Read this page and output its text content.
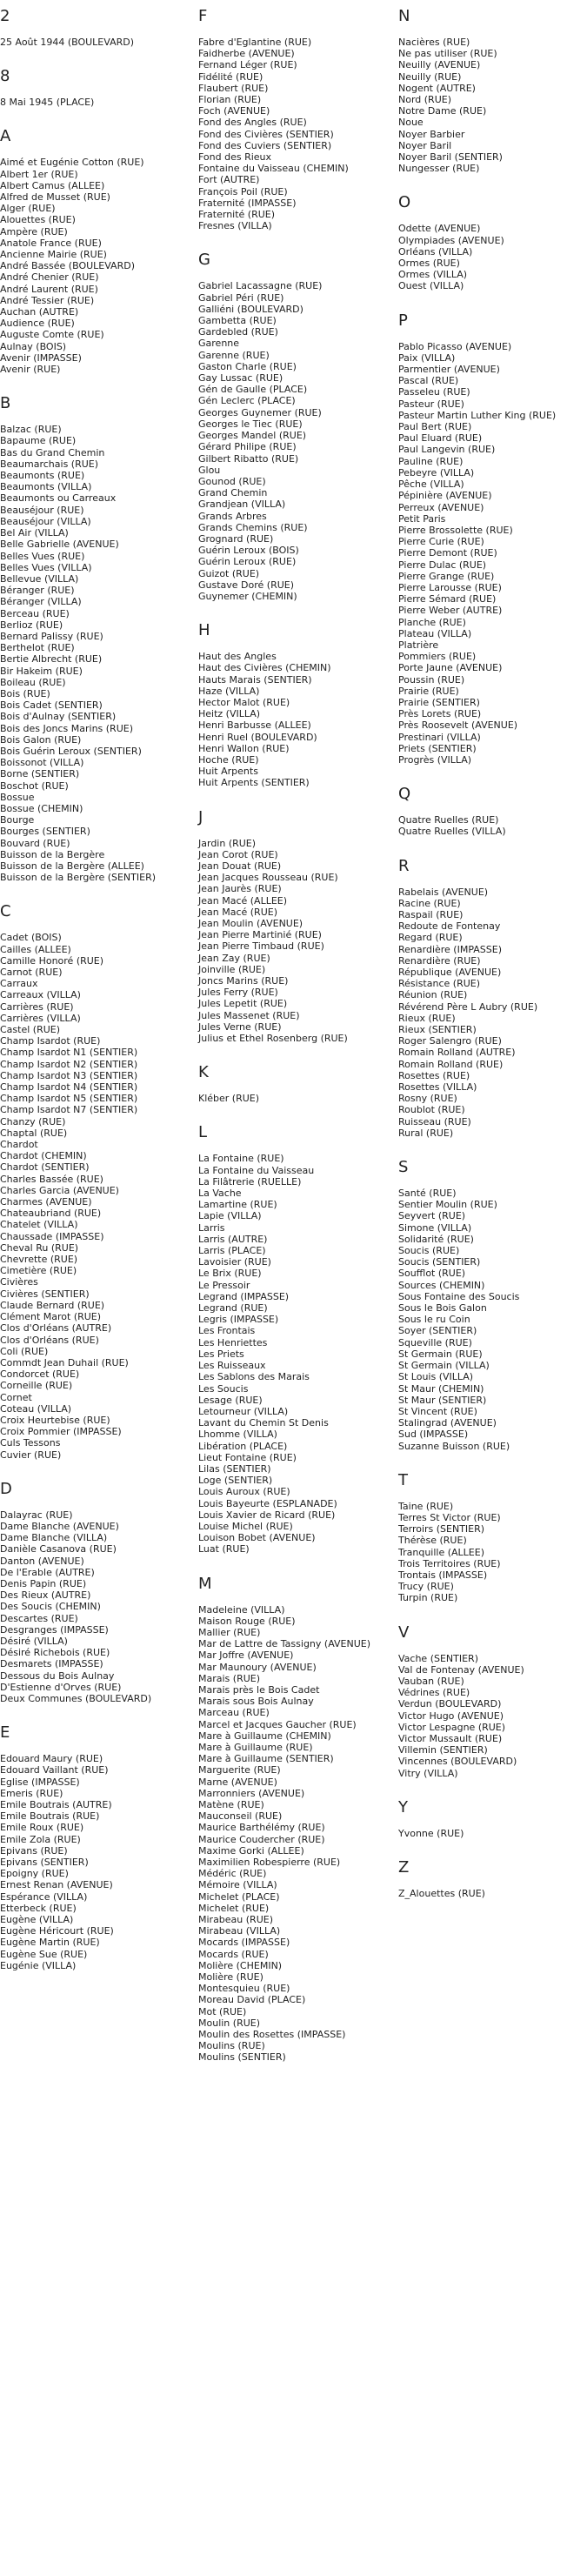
2
25 Août 1944 (BOULEVARD)
8
8 Mai 1945 (PLACE)
A
Aimé et Eugénie Cotton (RUE)
Albert 1er (RUE)
Albert Camus (ALLEE)
Alfred de Musset (RUE)
Alger (RUE)
Alouettes (RUE)
Ampère (RUE)
Anatole France (RUE)
Ancienne Mairie (RUE)
André Bassée (BOULEVARD)
André Chenier (RUE)
André Laurent (RUE)
André Tessier (RUE)
Auchan (AUTRE)
Audience (RUE)
Auguste Comte (RUE)
Aulnay (BOIS)
Avenir (IMPASSE)
Avenir (RUE)
B
Balzac (RUE)
Bapaume (RUE)
Bas du Grand Chemin
Beaumarchais (RUE)
Beaumonts (RUE)
Beaumonts (VILLA)
Beaumonts ou Carreaux
Beauséjour (RUE)
Beauséjour (VILLA)
Bel Air (VILLA)
Belle Gabrielle (AVENUE)
Belles Vues (RUE)
Belles Vues (VILLA)
Bellevue (VILLA)
Béranger (RUE)
Béranger (VILLA)
Berceau (RUE)
Berlioz (RUE)
Bernard Palissy (RUE)
Berthelot (RUE)
Bertie Albrecht (RUE)
Bir Hakeim (RUE)
Boileau (RUE)
Bois (RUE)
Bois Cadet (SENTIER)
Bois d'Aulnay (SENTIER)
Bois des Joncs Marins (RUE)
Bois Galon (RUE)
Bois Guérin Leroux (SENTIER)
Boissonot (VILLA)
Borne (SENTIER)
Boschot (RUE)
Bossue
Bossue (CHEMIN)
Bourge
Bourges (SENTIER)
Bouvard (RUE)
Buisson de la Bergère
Buisson de la Bergère (ALLEE)
Buisson de la Bergère (SENTIER)
C
Cadet (BOIS)
Cailles (ALLEE)
Camille Honoré (RUE)
Carnot (RUE)
Carraux
Carreaux (VILLA)
Carrières (RUE)
Carrières (VILLA)
Castel (RUE)
Champ Isardot (RUE)
Champ Isardot N1 (SENTIER)
Champ Isardot N2 (SENTIER)
Champ Isardot N3 (SENTIER)
Champ Isardot N4 (SENTIER)
Champ Isardot N5 (SENTIER)
Champ Isardot N7 (SENTIER)
Chanzy (RUE)
Chaptal (RUE)
Chardot
Chardot (CHEMIN)
Chardot (SENTIER)
Charles Bassée (RUE)
Charles Garcia (AVENUE)
Charmes (AVENUE)
Chateaubriand (RUE)
Chatelet (VILLA)
Chaussade (IMPASSE)
Cheval Ru (RUE)
Chevrette (RUE)
Cimetière (RUE)
Civières
Civières (SENTIER)
Claude Bernard (RUE)
Clément Marot (RUE)
Clos d'Orléans (AUTRE)
Clos d'Orléans (RUE)
Coli (RUE)
Commdt Jean Duhail (RUE)
Condorcet (RUE)
Corneille (RUE)
Cornet
Coteau (VILLA)
Croix Heurtebise (RUE)
Croix Pommier (IMPASSE)
Culs Tessons
Cuvier (RUE)
D
Dalayrac (RUE)
Dame Blanche (AVENUE)
Dame Blanche (VILLA)
Danièle Casanova (RUE)
Danton (AVENUE)
De l'Erable (AUTRE)
Denis Papin (RUE)
Des Rieux (AUTRE)
Des Soucis (CHEMIN)
Descartes (RUE)
Desgranges (IMPASSE)
Désiré (VILLA)
Désiré Richebois (RUE)
Desmarets (IMPASSE)
Dessous du Bois Aulnay
D'Estienne d'Orves (RUE)
Deux Communes (BOULEVARD)
E
Edouard Maury (RUE)
Edouard Vaillant (RUE)
Eglise (IMPASSE)
Emeris (RUE)
Emile Boutrais (AUTRE)
Emile Boutrais (RUE)
Emile Roux (RUE)
Emile Zola (RUE)
Epivans (RUE)
Epivans (SENTIER)
Epoigny (RUE)
Ernest Renan (AVENUE)
Espérance (VILLA)
Etterbeck (RUE)
Eugène (VILLA)
Eugène Héricourt (RUE)
Eugène Martin (RUE)
Eugène Sue (RUE)
Eugénie (VILLA)
F
Fabre d'Eglantine (RUE)
Faidherbe (AVENUE)
Fernand Léger (RUE)
Fidélité (RUE)
Flaubert (RUE)
Florian (RUE)
Foch (AVENUE)
Fond des Angles (RUE)
Fond des Civières (SENTIER)
Fond des Cuviers (SENTIER)
Fond des Rieux
Fontaine du Vaisseau (CHEMIN)
Fort (AUTRE)
François Poil (RUE)
Fraternité (IMPASSE)
Fraternité (RUE)
Fresnes (VILLA)
G
Gabriel Lacassagne (RUE)
Gabriel Péri (RUE)
Galliéni (BOULEVARD)
Gambetta (RUE)
Gardebled (RUE)
Garenne
Garenne (RUE)
Gaston Charle (RUE)
Gay Lussac (RUE)
Gén de Gaulle (PLACE)
Gén Leclerc (PLACE)
Georges Guynemer (RUE)
Georges le Tiec (RUE)
Georges Mandel (RUE)
Gérard Philipe (RUE)
Gilbert Ribatto (RUE)
Glou
Gounod (RUE)
Grand Chemin
Grandjean (VILLA)
Grands Arbres
Grands Chemins (RUE)
Grognard (RUE)
Guérin Leroux (BOIS)
Guérin Leroux (RUE)
Guizot (RUE)
Gustave Doré (RUE)
Guynemer (CHEMIN)
H
Haut des Angles
Haut des Civières (CHEMIN)
Hauts Marais (SENTIER)
Haze (VILLA)
Hector Malot (RUE)
Heitz (VILLA)
Henri Barbusse (ALLEE)
Henri Ruel (BOULEVARD)
Henri Wallon (RUE)
Hoche (RUE)
Huit Arpents
Huit Arpents (SENTIER)
J
Jardin (RUE)
Jean Corot (RUE)
Jean Douat (RUE)
Jean Jacques Rousseau (RUE)
Jean Jaurès (RUE)
Jean Macé (ALLEE)
Jean Macé (RUE)
Jean Moulin (AVENUE)
Jean Pierre Martinié (RUE)
Jean Pierre Timbaud (RUE)
Jean Zay (RUE)
Joinville (RUE)
Joncs Marins (RUE)
Jules Ferry (RUE)
Jules Lepetit (RUE)
Jules Massenet (RUE)
Jules Verne (RUE)
Julius et Ethel Rosenberg (RUE)
K
Kléber (RUE)
L
La Fontaine (RUE)
La Fontaine du Vaisseau
La Filâtrerie (RUELLE)
La Vache
Lamartine (RUE)
Lapie (VILLA)
Larris
Larris (AUTRE)
Larris (PLACE)
Lavoisier (RUE)
Le Brix (RUE)
Le Pressoir
Legrand (IMPASSE)
Legrand (RUE)
Legris (IMPASSE)
Les Frontais
Les Henriettes
Les Priets
Les Ruisseaux
Les Sablons des Marais
Les Soucis
Lesage (RUE)
Letourneur (VILLA)
Lavant du Chemin St Denis
Lhomme (VILLA)
Libération (PLACE)
Lieut Fontaine (RUE)
Lilas (SENTIER)
Loge (SENTIER)
Louis Auroux (RUE)
Louis Bayeurte (ESPLANADE)
Louis Xavier de Ricard (RUE)
Louise Michel (RUE)
Louison Bobet (AVENUE)
Luat (RUE)
M
Madeleine (VILLA)
Maison Rouge (RUE)
Mallier (RUE)
Mar de Lattre de Tassigny (AVENUE)
Mar Joffre (AVENUE)
Mar Maunoury (AVENUE)
Marais (RUE)
Marais près le Bois Cadet
Marais sous Bois Aulnay
Marceau (RUE)
Marcel et Jacques Gaucher (RUE)
Mare à Guillaume (CHEMIN)
Mare à Guillaume (RUE)
Mare à Guillaume (SENTIER)
Marguerite (RUE)
Marne (AVENUE)
Marronniers (AVENUE)
Matène (RUE)
Mauconseil (RUE)
Maurice Barthélémy (RUE)
Maurice Coudercher (RUE)
Maxime Gorki (ALLEE)
Maximilien Robespierre (RUE)
Médéric (RUE)
Mémoire (VILLA)
Michelet (PLACE)
Michelet (RUE)
Mirabeau (RUE)
Mirabeau (VILLA)
Mocards (IMPASSE)
Mocards (RUE)
Molière (CHEMIN)
Molière (RUE)
Montesquieu (RUE)
Moreau David (PLACE)
Mot (RUE)
Moulin (RUE)
Moulin des Rosettes (IMPASSE)
Moulins (RUE)
Moulins (SENTIER)
N
Nacières (RUE)
Ne pas utiliser (RUE)
Neuilly (AVENUE)
Neuilly (RUE)
Nogent (AUTRE)
Nord (RUE)
Notre Dame (RUE)
Noue
Noyer Barbier
Noyer Baril
Noyer Baril (SENTIER)
Nungesser (RUE)
O
Odette (AVENUE)
Olympiades (AVENUE)
Orléans (VILLA)
Ormes (RUE)
Ormes (VILLA)
Ouest (VILLA)
P
Pablo Picasso (AVENUE)
Paix (VILLA)
Parmentier (AVENUE)
Pascal (RUE)
Passeleu (RUE)
Pasteur (RUE)
Pasteur Martin Luther King (RUE)
Paul Bert (RUE)
Paul Eluard (RUE)
Paul Langevin (RUE)
Pauline (RUE)
Pebeyre (VILLA)
Pêche (VILLA)
Pépinière (AVENUE)
Perreux (AVENUE)
Petit Paris
Pierre Brossolette (RUE)
Pierre Curie (RUE)
Pierre Demont (RUE)
Pierre Dulac (RUE)
Pierre Grange (RUE)
Pierre Larousse (RUE)
Pierre Sémard (RUE)
Pierre Weber (AUTRE)
Planche (RUE)
Plateau (VILLA)
Platrière
Pommiers (RUE)
Porte Jaune (AVENUE)
Poussin (RUE)
Prairie (RUE)
Prairie (SENTIER)
Près Lorets (RUE)
Près Roosevelt (AVENUE)
Prestinari (VILLA)
Priets (SENTIER)
Progrès (VILLA)
Q
Quatre Ruelles (RUE)
Quatre Ruelles (VILLA)
R
Rabelais (AVENUE)
Racine (RUE)
Raspail (RUE)
Redoute de Fontenay
Regard (RUE)
Renardière (IMPASSE)
Renardière (RUE)
République (AVENUE)
Résistance (RUE)
Réunion (RUE)
Révérend Père L Aubry (RUE)
Rieux (RUE)
Rieux (SENTIER)
Roger Salengro (RUE)
Romain Rolland (AUTRE)
Romain Rolland (RUE)
Rosettes (RUE)
Rosettes (VILLA)
Rosny (RUE)
Roublot (RUE)
Ruisseau (RUE)
Rural (RUE)
S
Santé (RUE)
Sentier Moulin (RUE)
Seyvert (RUE)
Simone (VILLA)
Solidarité (RUE)
Soucis (RUE)
Soucis (SENTIER)
Soufflot (RUE)
Sources (CHEMIN)
Sous Fontaine des Soucis
Sous le Bois Galon
Sous le ru Coin
Soyer (SENTIER)
Squeville (RUE)
St Germain (RUE)
St Germain (VILLA)
St Louis (VILLA)
St Maur (CHEMIN)
St Maur (SENTIER)
St Vincent (RUE)
Stalingrad (AVENUE)
Sud (IMPASSE)
Suzanne Buisson (RUE)
T
Taine (RUE)
Terres St Victor (RUE)
Terroirs (SENTIER)
Thérèse (RUE)
Tranquille (ALLEE)
Trois Territoires (RUE)
Trontais (IMPASSE)
Trucy (RUE)
Turpin (RUE)
V
Vache (SENTIER)
Val de Fontenay (AVENUE)
Vauban (RUE)
Védrines (RUE)
Verdun (BOULEVARD)
Victor Hugo (AVENUE)
Victor Lespagne (RUE)
Victor Mussault (RUE)
Villemin (SENTIER)
Vincennes (BOULEVARD)
Vitry (VILLA)
Y
Yvonne (RUE)
Z
Z_Alouettes (RUE)
